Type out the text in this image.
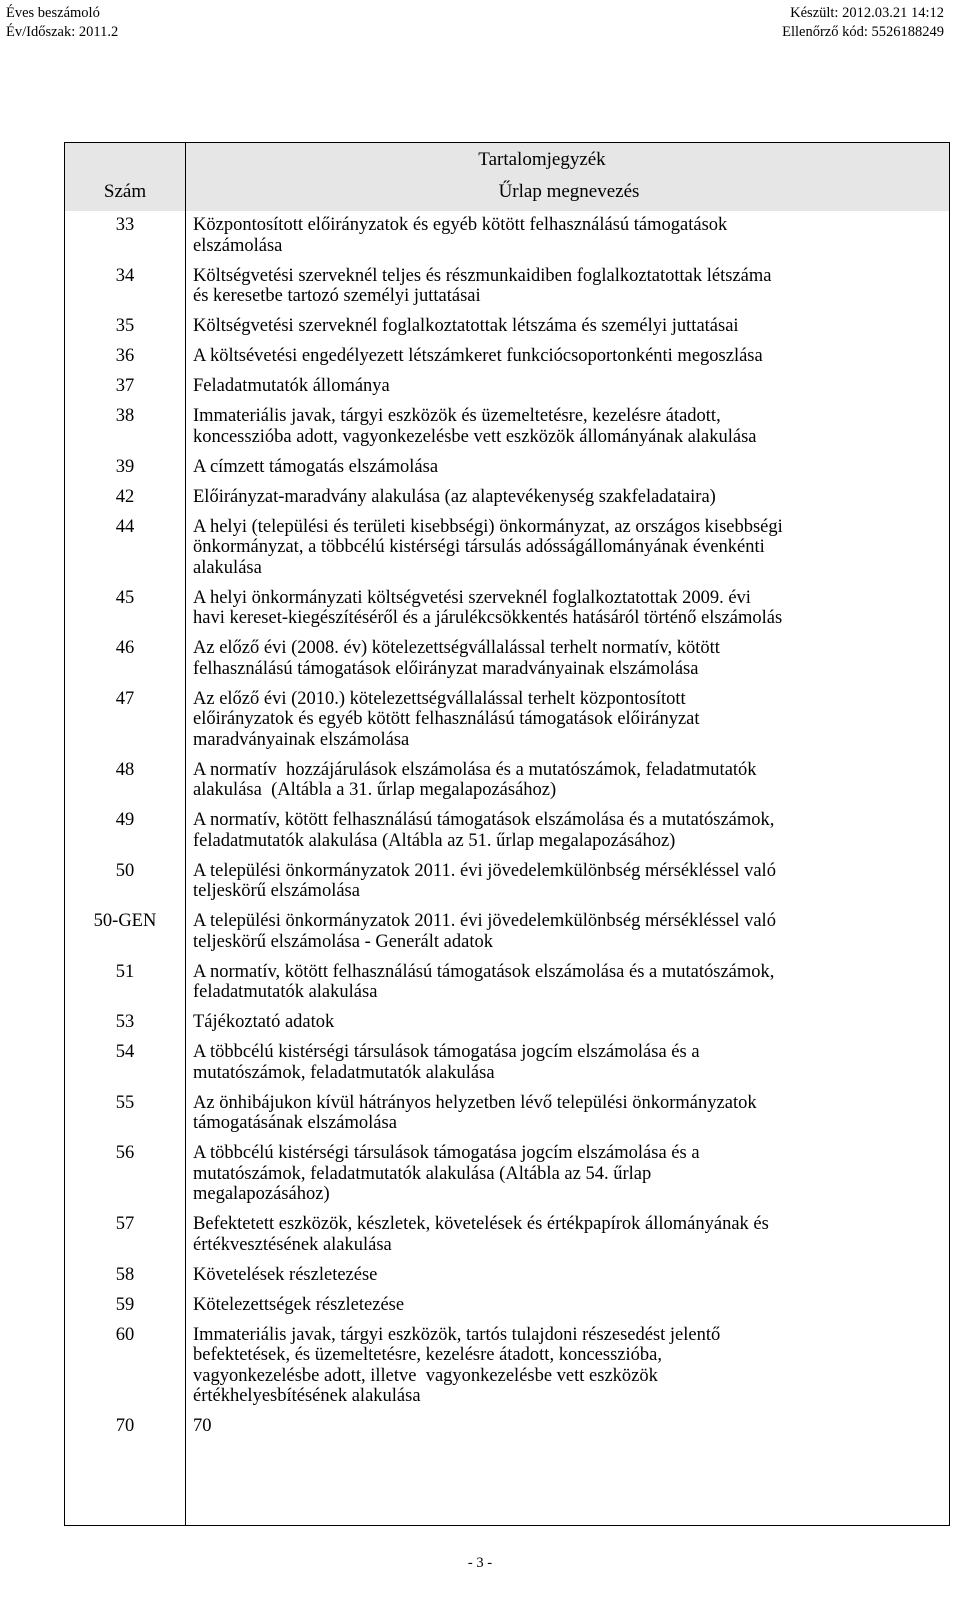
Éves beszámoló
Év/Időszak: 2011.2
Készült: 2012.03.21 14:12
Ellenőrző kód: 5526188249
Tartalomjegyzék
Szám	Űrlap megnevezés
33	Központosított előirányzatok és egyéb kötött felhasználású támogatások
elszámolása
34	Költségvetési szerveknél teljes és részmunkaidiben foglalkoztatottak létszáma
és keresetbe tartozó személyi juttatásai
35	Költségvetési szerveknél foglalkoztatottak létszáma és személyi juttatásai
36	A költsévetési engedélyezett létszámkeret funkciócsoportonkénti megoszlása
37	Feladatmutatók állománya
38	Immateriális javak, tárgyi eszközök és üzemeltetésre, kezelésre átadott,
koncesszióba adott, vagyonkezelésbe vett eszközök állományának alakulása
39	A címzett támogatás elszámolása
42	Előirányzat-maradvány alakulása (az alaptevékenység szakfeladataira)
44	A helyi (települési és területi kisebbségi) önkormányzat, az országos kisebbségi
önkormányzat, a többcélú kistérségi társulás adósságállományának évenkénti
alakulása
45	A helyi önkormányzati költségvetési szerveknél foglalkoztatottak 2009. évi
havi kereset-kiegészítéséről és a járulékcsökkentés hatásáról történő elszámolás
46	Az előző évi (2008. év) kötelezettségvállalással terhelt normatív, kötött
felhasználású támogatások előirányzat maradványainak elszámolása
47	Az előző évi (2010.) kötelezettségvállalással terhelt központosított
előirányzatok és egyéb kötött felhasználású támogatások előirányzat
maradványainak elszámolása
48	A normatív  hozzájárulások elszámolása és a mutatószámok, feladatmutatók
alakulása  (Altábla a 31. űrlap megalapozásához)
49	A normatív, kötött felhasználású támogatások elszámolása és a mutatószámok,
feladatmutatók alakulása (Altábla az 51. űrlap megalapozásához)
50	A települési önkormányzatok 2011. évi jövedelemkülönbség mérsékléssel való
teljeskörű elszámolása
50-GEN	A települési önkormányzatok 2011. évi jövedelemkülönbség mérsékléssel való
teljeskörű elszámolása - Generált adatok
51	A normatív, kötött felhasználású támogatások elszámolása és a mutatószámok,
feladatmutatók alakulása
53	Tájékoztató adatok
54	A többcélú kistérségi társulások támogatása jogcím elszámolása és a
mutatószámok, feladatmutatók alakulása
55	Az önhibájukon kívül hátrányos helyzetben lévő települési önkormányzatok
támogatásának elszámolása
56	A többcélú kistérségi társulások támogatása jogcím elszámolása és a
mutatószámok, feladatmutatók alakulása (Altábla az 54. űrlap
megalapozásához)
57	Befektetett eszközök, készletek, követelések és értékpapírok állományának és
értékvesztésének alakulása
58	Követelések részletezése
59	Kötelezettségek részletezése
60	Immateriális javak, tárgyi eszközök, tartós tulajdoni részesedést jelentő
befektetések, és üzemeltetésre, kezelésre átadott, koncesszióba,
vagyonkezelésbe adott, illetve  vagyonkezelésbe vett eszközök
értékhelyesbítésének alakulása
70	70
- 3 -
